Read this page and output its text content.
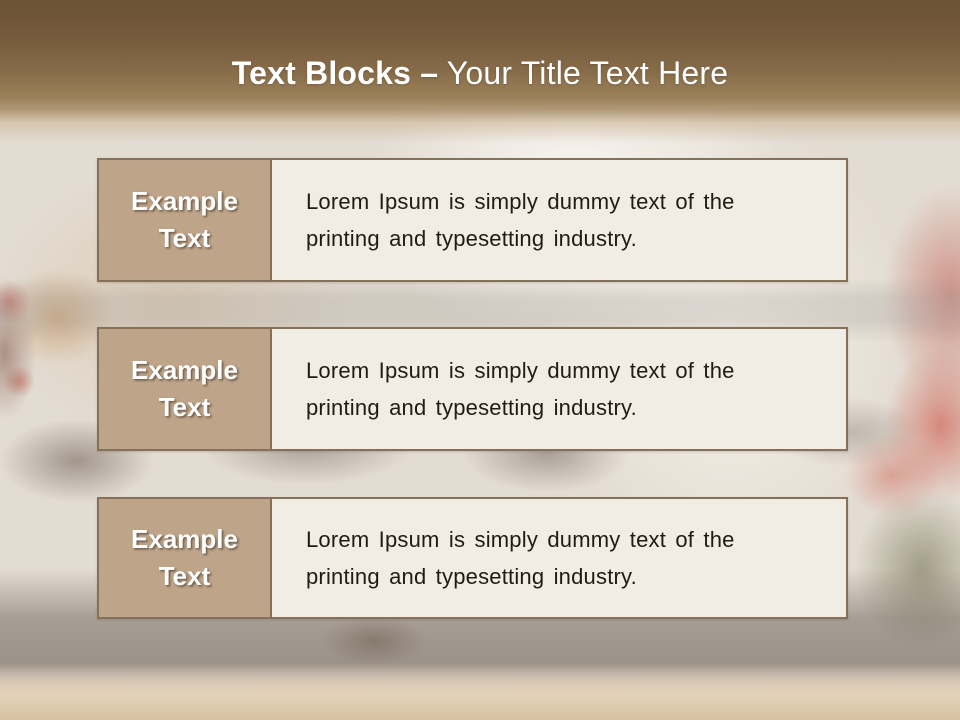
Text Blocks – Your Title Text Here
Example Text
Lorem Ipsum is simply dummy text of the printing and typesetting industry.
Example Text
Lorem Ipsum is simply dummy text of the printing and typesetting industry.
Example Text
Lorem Ipsum is simply dummy text of the printing and typesetting industry.
